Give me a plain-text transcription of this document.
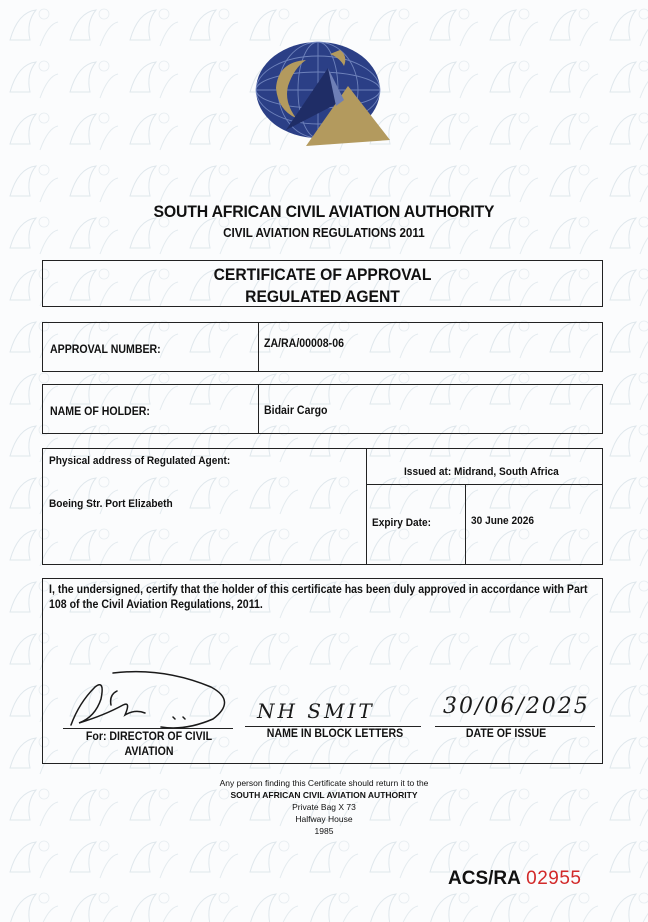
SOUTH AFRICAN CIVIL AVIATION AUTHORITY
CIVIL AVIATION REGULATIONS 2011
CERTIFICATE OF APPROVAL
REGULATED AGENT
APPROVAL NUMBER:	ZA/RA/00008-06
NAME OF HOLDER:	Bidair Cargo
Physical address of Regulated Agent:
Boeing Str. Port Elizabeth
Issued at: Midrand, South Africa
Expiry Date:	30 June 2026
I, the undersigned, certify that the holder of this certificate has been duly approved in accordance with Part 108 of the Civil Aviation Regulations, 2011.
For: DIRECTOR OF CIVIL AVIATION
NH SMIT
NAME IN BLOCK LETTERS
30/06/2025
DATE OF ISSUE
Any person finding this Certificate should return it to the
SOUTH AFRICAN CIVIL AVIATION AUTHORITY
Private Bag X 73
Halfway House
1985
ACS/RA 02955
